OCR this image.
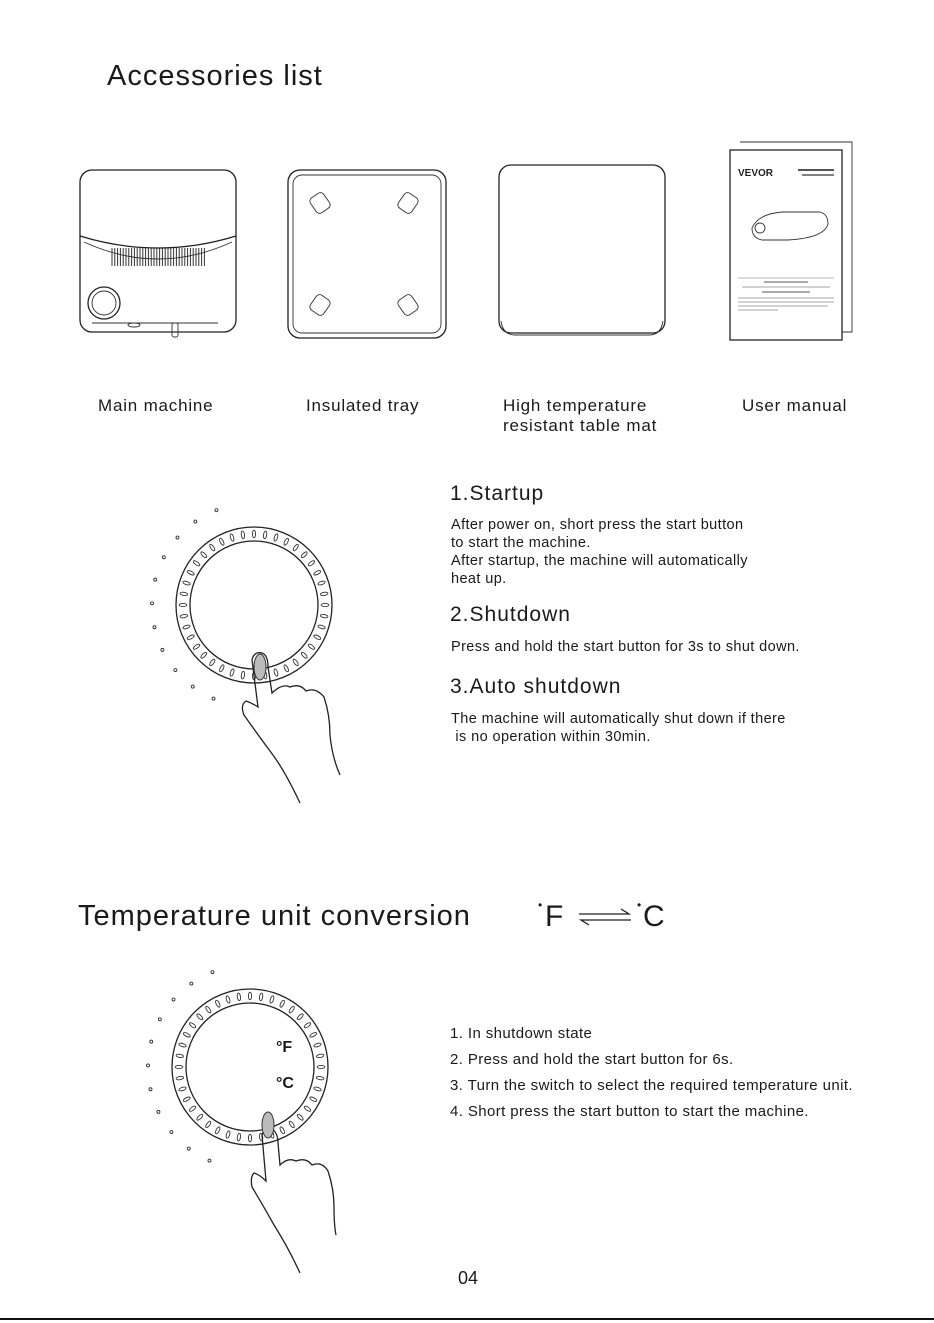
Accessories list
VEVOR
Main machine	Insulated tray	High temperature
resistant table mat
User manual
1.Startup
After power on, short press the start button
to start the machine.
After startup, the machine will automatically
heat up.
2.Shutdown
Press and hold the start button for 3s to shut down.
3.Auto shutdown
The machine will automatically shut down if there
is no operation within 30min.
Temperature unit conversion	• F	• C
°F
°C
1. In shutdown state
2. Press and hold the start button for 6s.
3. Turn the switch to select the required temperature unit.
4. Short press the start button to start the machine.
04
